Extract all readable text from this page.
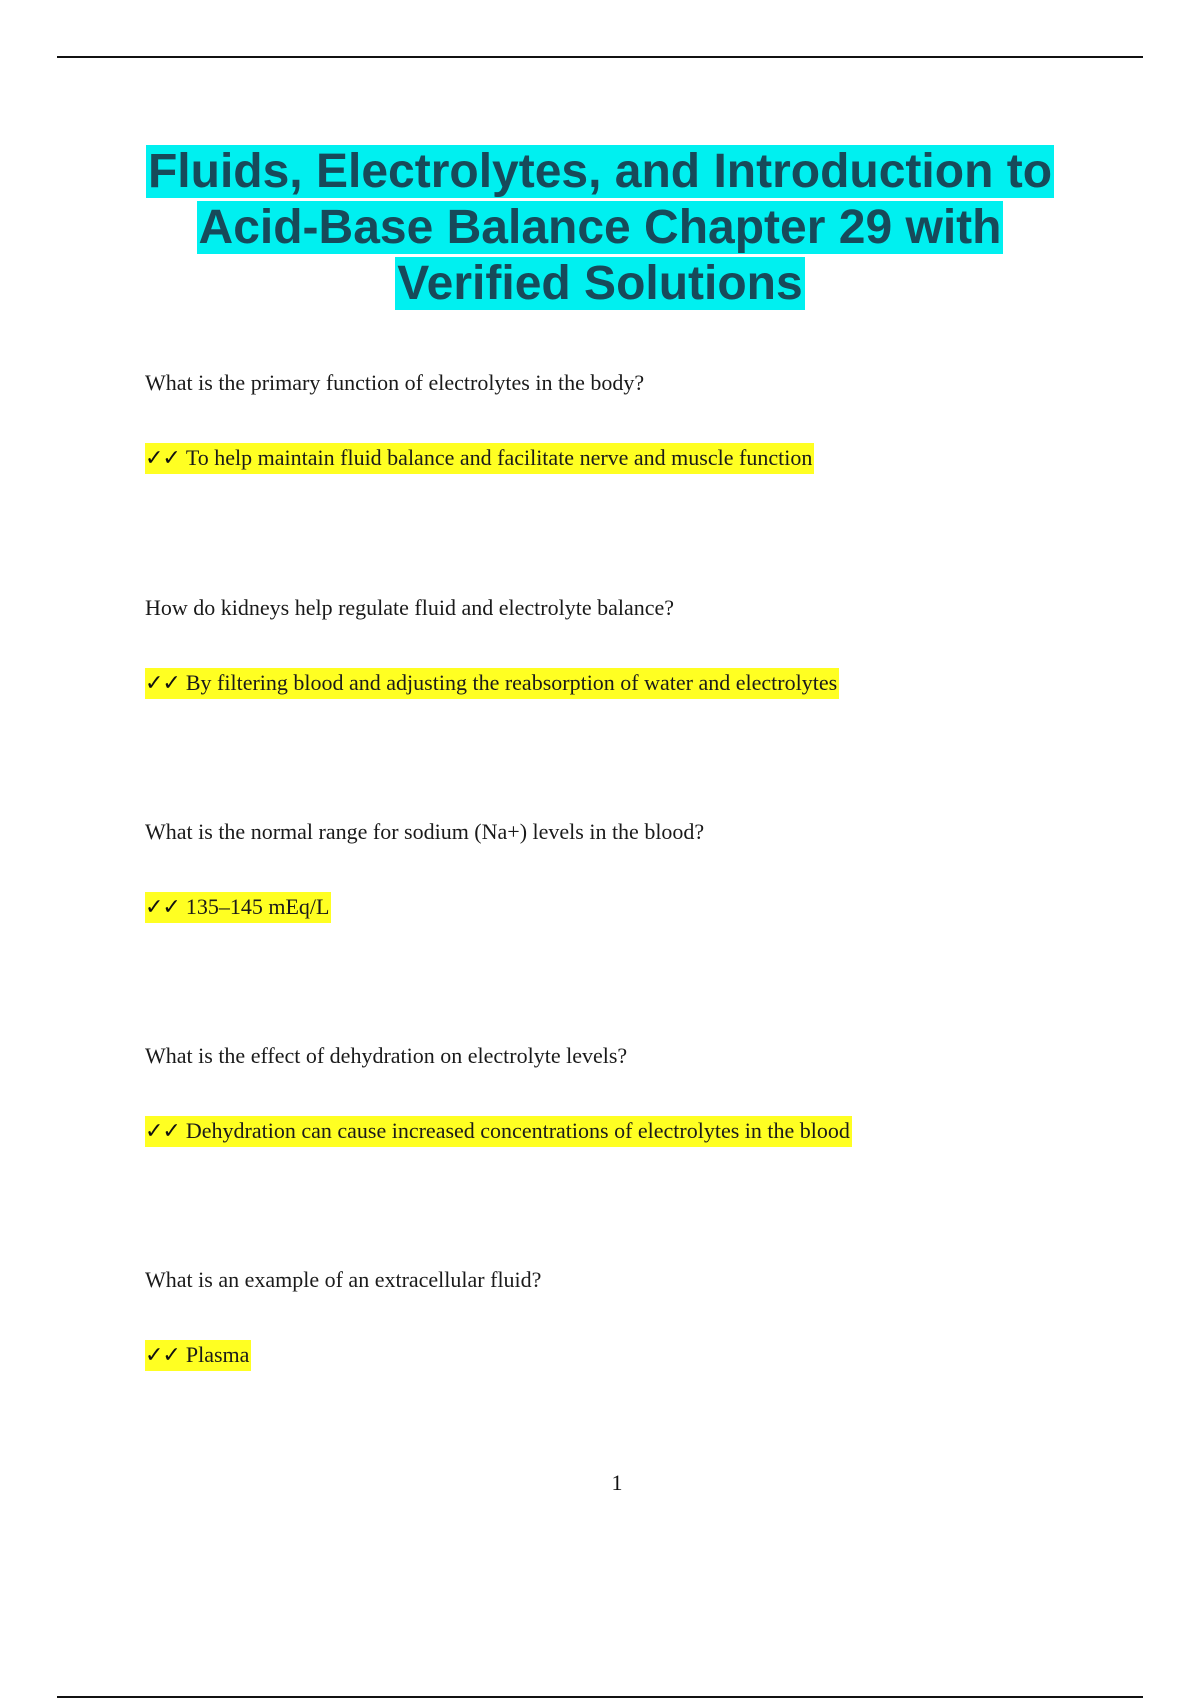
Fluids, Electrolytes, and Introduction to
Acid-Base Balance Chapter 29 with
Verified Solutions
What is the primary function of electrolytes in the body?
✓✓ To help maintain fluid balance and facilitate nerve and muscle function
How do kidneys help regulate fluid and electrolyte balance?
✓✓ By filtering blood and adjusting the reabsorption of water and electrolytes
What is the normal range for sodium (Na+) levels in the blood?
✓✓ 135–145 mEq/L
What is the effect of dehydration on electrolyte levels?
✓✓ Dehydration can cause increased concentrations of electrolytes in the blood
What is an example of an extracellular fluid?
✓✓ Plasma
1
